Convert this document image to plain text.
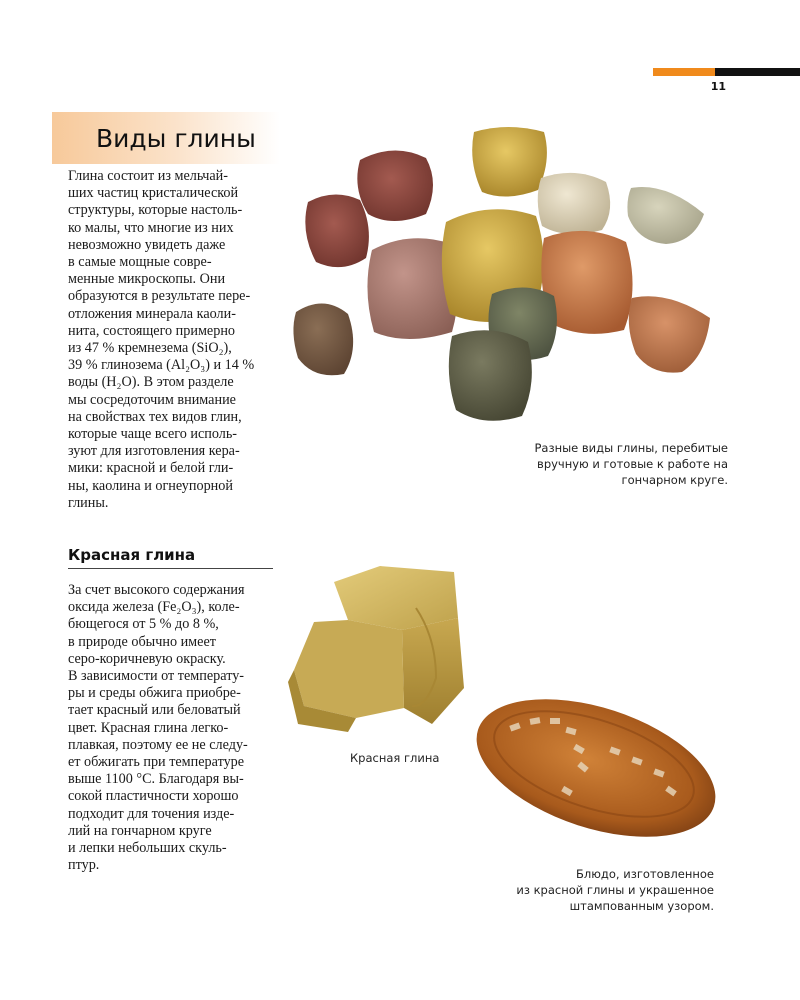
11
Виды глины
Глина состоит из мельчай-
ших частиц кристалической
структуры, которые настоль-
ко малы, что многие из них
невозможно увидеть даже
в самые мощные совре-
менные микроскопы. Они
образуются в результате пере-
отложения минерала каоли-
нита, состоящего примерно
из 47 % кремнезема (SiO₂),
39 % глинозема (Al₂O₃) и 14 %
воды (H₂O). В этом разделе
мы сосредоточим внимание
на свойствах тех видов глин,
которые чаще всего исполь-
зуют для изготовления кера-
мики: красной и белой гли-
ны, каолина и огнеупорной
глины.
Разные виды глины, перебитые
вручную и готовые к работе на
гончарном круге.
Красная глина
За счет высокого содержания
оксида железа (Fe₂O₃), коле-
бющегося от 5 % до 8 %,
в природе обычно имеет
серо-коричневую окраску.
В зависимости от температу-
ры и среды обжига приобре-
тает красный или беловатый
цвет. Красная глина легко-
плавкая, поэтому ее не следу-
ет обжигать при температуре
выше 1100 °С. Благодаря вы-
сокой пластичности хорошо
подходит для точения изде-
лий на гончарном круге
и лепки небольших скуль-
птур.
Красная глина
Блюдо, изготовленное
из красной глины и украшенное
штампованным узором.
